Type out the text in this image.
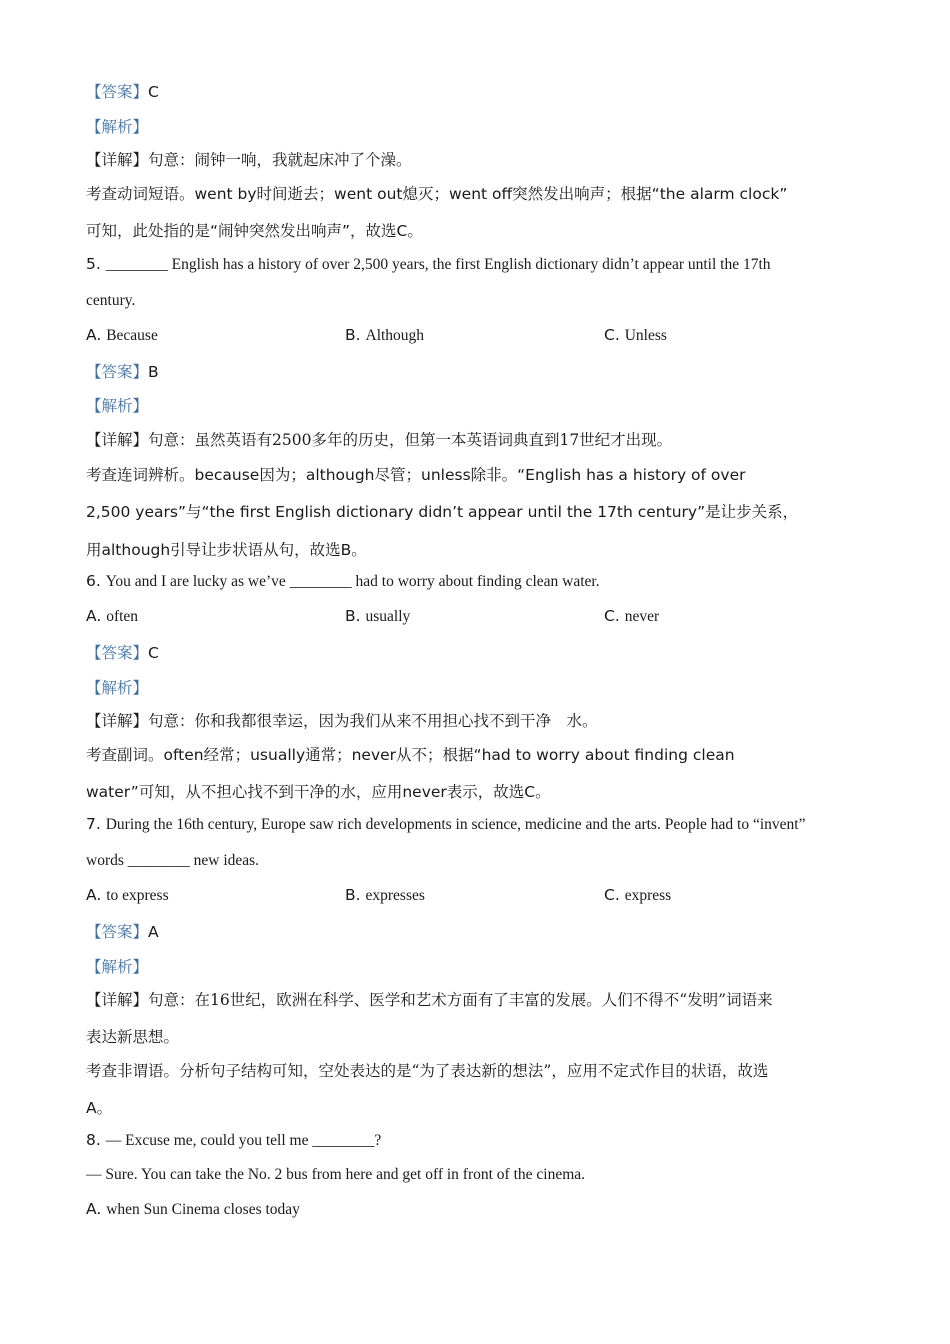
【答案】C
【解析】
【详解】句意：闹钟一响，我就起床冲了个澡。
考查动词短语。went by时间逝去；went out熄灭；went off突然发出响声；根据“the alarm clock”
可知，此处指的是“闹钟突然发出响声”，故选C。
5. ________ English has a history of over 2,500 years, the first English dictionary didn’t appear until the 17th
century.
A. Because	B. Although	C. Unless
【答案】B
【解析】
【详解】句意：虽然英语有2500多年的历史，但第一本英语词典直到17世纪才出现。
考查连词辨析。because因为；although尽管；unless除非。“English has a history of over
2,500 years”与“the first English dictionary didn’t appear until the 17th century”是让步关系，
用although引导让步状语从句，故选B。
6. You and I are lucky as we’ve ________ had to worry about finding clean water.
A. often	B. usually	C. never
【答案】C
【解析】
【详解】句意：你和我都很幸运，因为我们从来不用担心找不到干净　水。
考查副词。often经常；usually通常；never从不；根据“had to worry about finding clean
water”可知，从不担心找不到干净的水，应用never表示，故选C。
7. During the 16th century, Europe saw rich developments in science, medicine and the arts. People had to “invent”
words ________ new ideas.
A. to express	B. expresses	C. express
【答案】A
【解析】
【详解】句意：在16世纪，欧洲在科学、医学和艺术方面有了丰富的发展。人们不得不“发明”词语来
表达新思想。
考查非谓语。分析句子结构可知，空处表达的是“为了表达新的想法”，应用不定式作目的状语，故选
A。
8. — Excuse me, could you tell me ________?
— Sure. You can take the No. 2 bus from here and get off in front of the cinema.
A. when Sun Cinema closes today
